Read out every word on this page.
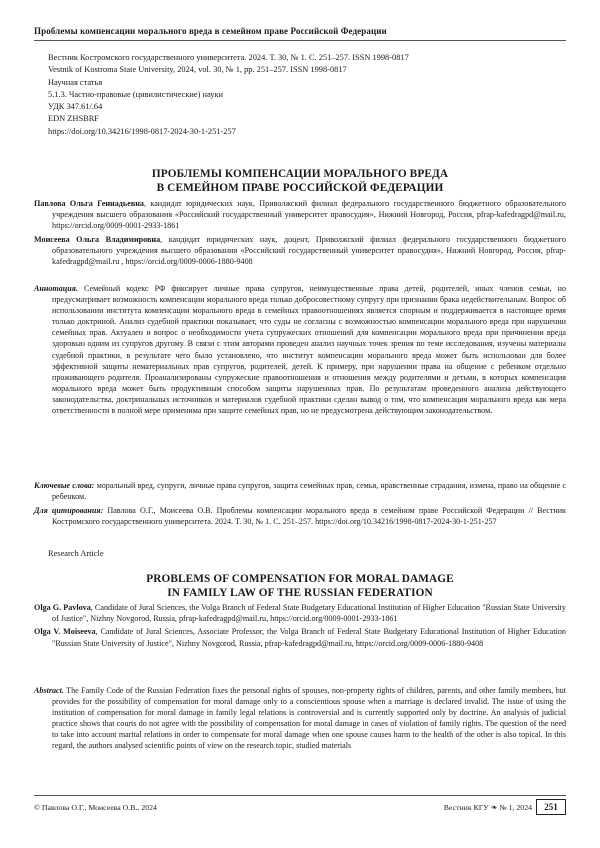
Проблемы компенсации морального вреда в семейном праве Российской Федерации
Вестник Костромского государственного университета. 2024. Т. 30, № 1. С. 251–257. ISSN 1998-0817
Vestnik of Kostroma State University, 2024, vol. 30, № 1, pp. 251–257. ISSN 1998-0817
Научная статья
5.1.3. Частно-правовые (цивилистические) науки
УДК 347.61/.64
EDN ZHSBRF
https://doi.org/10.34216/1998-0817-2024-30-1-251-257
ПРОБЛЕМЫ КОМПЕНСАЦИИ МОРАЛЬНОГО ВРЕДА
В СЕМЕЙНОМ ПРАВЕ РОССИЙСКОЙ ФЕДЕРАЦИИ

Павлова Ольга Геннадьевна, кандидат юридических наук, Приволжский филиал федерального государственного бюджетного образовательного учреждения высшего образования «Российский государственный университет правосудия», Нижний Новгород, Россия, pfrap-kafedragpd@mail.ru, https://orcid.org/0009-0001-2933-1861

Моисеева Ольга Владимировна, кандидат юридических наук, доцент, Приволжский филиал федерального государственного бюджетного образовательного учреждения высшего образования «Российский государственный университет правосудия», Нижний Новгород, Россия, pfrap-kafedragpd@mail.ru , https://orcid.org/0009-0006-1880-9408

Аннотация. Семейный кодекс РФ фиксирует личные права супругов, неимущественные права детей, родителей, иных членов семьи, но предусматривает возможность компенсации морального вреда только добросовестному супругу при признании брака недействительным. Вопрос об использовании института компенсации морального вреда в семейных правоотношениях является спорным и поддерживается в настоящее время только доктриной. Анализ судебной практики показывает, что суды не согласны с возможностью компенсации морального вреда при нарушении семейных прав. Актуален и вопрос о необходимости учета супружеских отношений для компенсации морального вреда при причинении вреда здоровью одним из супругов другому. В связи с этим авторами проведен анализ научных точек зрения по теме исследования, изучены материалы судебной практики, в результате чего было установлено, что институт компенсации морального вреда может быть использован для более эффективной защиты нематериальных прав супругов, родителей, детей. К примеру, при нарушении права на общение с ребенком отдельно проживающего родителя. Проанализированы супружеские правоотношения и отношения между родителями и детьми, в которых компенсация морального вреда может быть продуктивным способом защиты нарушенных прав. По результатам проведенного анализа действующего законодательства, доктринальных источников и материалов судебной практики сделан вывод о том, что компенсация морального вреда как мера ответственности в полной мере применима при защите семейных прав, но не предусмотрена действующим законодательством.

Ключевые слова: моральный вред, супруги, личные права супругов, защита семейных прав, семья, нравственные страдания, измена, право на общение с ребенком.

Для цитирования: Павлова О.Г., Моисеева О.В. Проблемы компенсации морального вреда в семейном праве Российской Федерации // Вестник Костромского государственного университета. 2024. Т. 30, № 1. С. 251–257. https://doi.org/10.34216/1998-0817-2024-30-1-251-257

Research Article
PROBLEMS OF COMPENSATION FOR MORAL DAMAGE
IN FAMILY LAW OF THE RUSSIAN FEDERATION

Olga G. Pavlova, Candidate of Jural Sciences, the Volga Branch of Federal State Budgetary Educational Institution of Higher Education "Russian State University of Justice", Nizhny Novgorod, Russia, pfrap-kafedragpd@mail.ru, https://orcid.org/0009-0001-2933-1861

Olga V. Moiseeva, Candidate of Jural Sciences, Associate Professor, the Volga Branch of Federal State Budgetary Educational Institution of Higher Education "Russian State University of Justice", Nizhny Novgorod, Russia, pfrap-kafedragpd@mail.ru, https://orcid.org/0009-0006-1880-9408

Abstract. The Family Code of the Russian Federation fixes the personal rights of spouses, non-property rights of children, parents, and other family members, but provides for the possibility of compensation for moral damage only to a conscientious spouse when a marriage is declared invalid. The issue of using the institution of compensation for moral damage in family legal relations is controversial and is currently supported only by doctrine. An analysis of judicial practice shows that courts do not agree with the possibility of compensation for moral damage in cases of violation of family rights. The question of the need to take into account marital relations in order to compensate for moral damage when one spouse causes harm to the health of the other is also topical. In this regard, the authors analysed scientific points of view on the research topic, studied materials

© Павлова О.Г., Моисеева О.В., 2024	Вестник КГУ ❧ № 1, 2024	251
